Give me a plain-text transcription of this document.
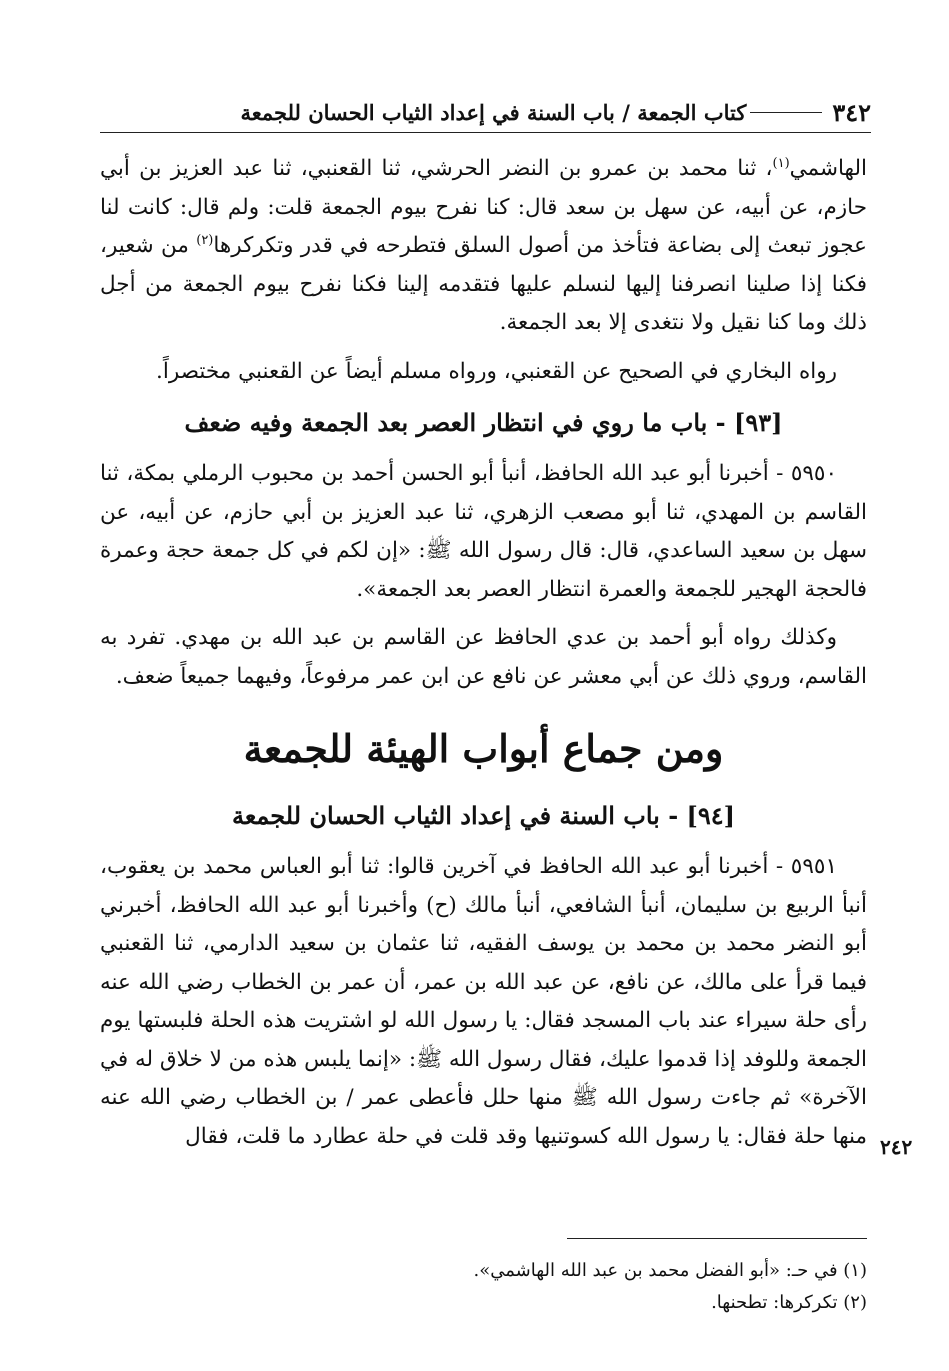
٣٤٢
كتاب الجمعة / باب السنة في إعداد الثياب الحسان للجمعة

الهاشمي$^{(١)}$، ثنا محمد بن عمرو بن النضر الحرشي، ثنا القعنبي، ثنا عبد العزيز بن أبي حازم، عن أبيه، عن سهل بن سعد قال: كنا نفرح بيوم الجمعة قلت: ولم قال: كانت لنا عجوز تبعث إلى بضاعة فتأخذ من أصول السلق فتطرحه في قدر وتكركرها$^{(٢)}$ من شعير، فكنا إذا صلينا انصرفنا إليها لنسلم عليها فتقدمه إلينا فكنا نفرح بيوم الجمعة من أجل ذلك وما كنا نقيل ولا نتغدى إلا بعد الجمعة.

رواه البخاري في الصحيح عن القعنبي، ورواه مسلم أيضاً عن القعنبي مختصراً.

[٩٣] - باب ما روي في انتظار العصر بعد الجمعة وفيه ضعف

٥٩٥٠ - أخبرنا أبو عبد الله الحافظ، أنبأ أبو الحسن أحمد بن محبوب الرملي بمكة، ثنا القاسم بن المهدي، ثنا أبو مصعب الزهري، ثنا عبد العزيز بن أبي حازم، عن أبيه، عن سهل بن سعيد الساعدي، قال: قال رسول الله ﷺ: «إن لكم في كل جمعة حجة وعمرة فالحجة الهجير للجمعة والعمرة انتظار العصر بعد الجمعة».

وكذلك رواه أبو أحمد بن عدي الحافظ عن القاسم بن عبد الله بن مهدي. تفرد به القاسم، وروي ذلك عن أبي معشر عن نافع عن ابن عمر مرفوعاً، وفيهما جميعاً ضعف.

ومن جماع أبواب الهيئة للجمعة
[٩٤] - باب السنة في إعداد الثياب الحسان للجمعة

٥٩٥١ - أخبرنا أبو عبد الله الحافظ في آخرين قالوا: ثنا أبو العباس محمد بن يعقوب، أنبأ الربيع بن سليمان، أنبأ الشافعي، أنبأ مالك (ح) وأخبرنا أبو عبد الله الحافظ، أخبرني أبو النضر محمد بن محمد بن يوسف الفقيه، ثنا عثمان بن سعيد الدارمي، ثنا القعنبي فيما قرأ على مالك، عن نافع، عن عبد الله بن عمر، أن عمر بن الخطاب رضي الله عنه رأى حلة سيراء عند باب المسجد فقال: يا رسول الله لو اشتريت هذه الحلة فلبستها يوم الجمعة وللوفد إذا قدموا عليك، فقال رسول الله ﷺ: «إنما يلبس هذه من لا خلاق له في الآخرة» ثم جاءت رسول الله ﷺ منها حلل فأعطى عمر / بن الخطاب رضي الله عنه منها حلة فقال: يا رسول الله كسوتنيها وقد قلت في حلة عطارد ما قلت، فقال ٢٤٢

(١) في حـ: «أبو الفضل محمد بن عبد الله الهاشمي».

(٢) تكركرها: تطحنها.
